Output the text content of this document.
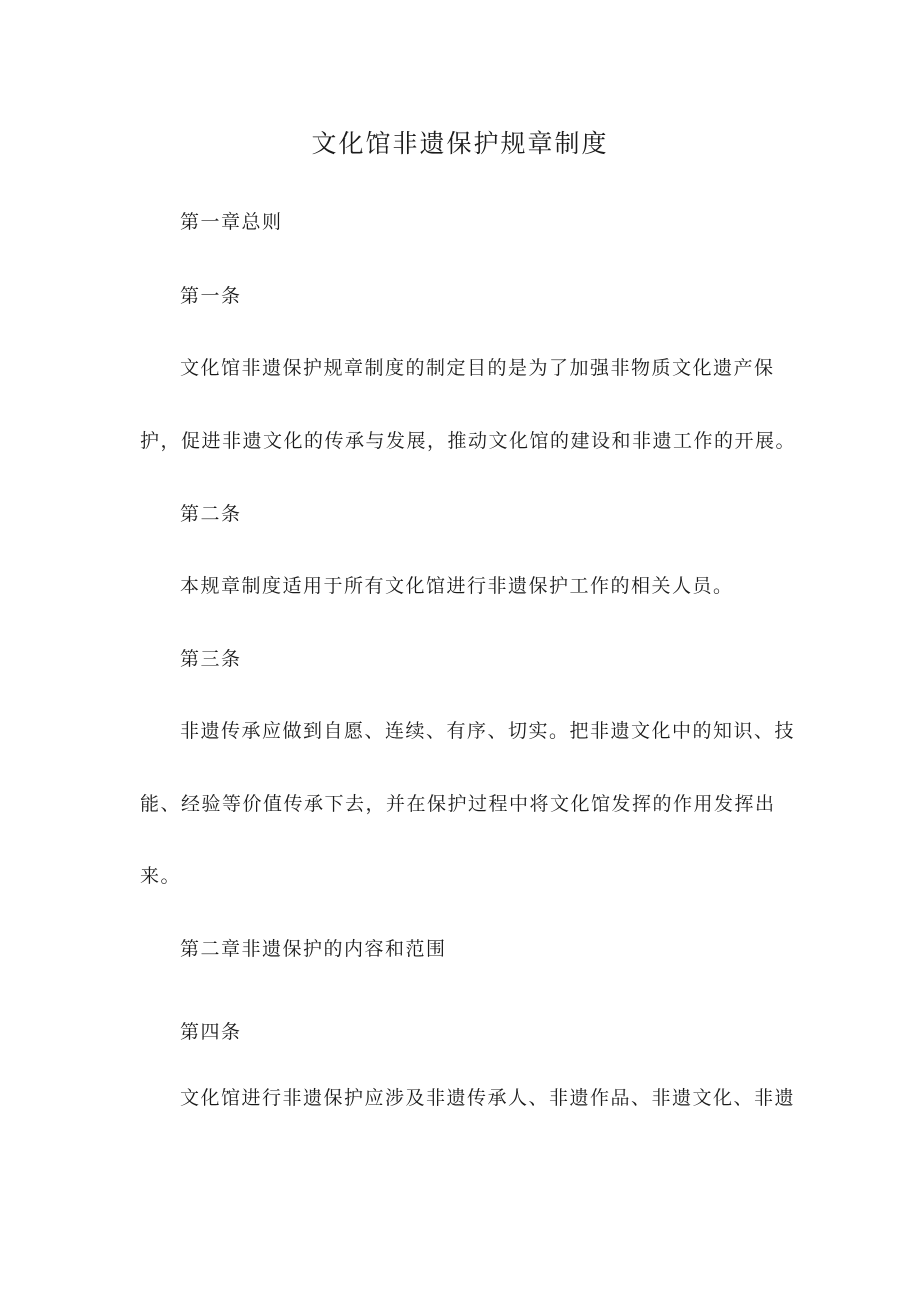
文化馆非遗保护规章制度
第一章总则
第一条
文化馆非遗保护规章制度的制定目的是为了加强非物质文化遗产保
护，促进非遗文化的传承与发展，推动文化馆的建设和非遗工作的开展。
第二条
本规章制度适用于所有文化馆进行非遗保护工作的相关人员。
第三条
非遗传承应做到自愿、连续、有序、切实。把非遗文化中的知识、技
能、经验等价值传承下去，并在保护过程中将文化馆发挥的作用发挥出
来。
第二章非遗保护的内容和范围
第四条
文化馆进行非遗保护应涉及非遗传承人、非遗作品、非遗文化、非遗
